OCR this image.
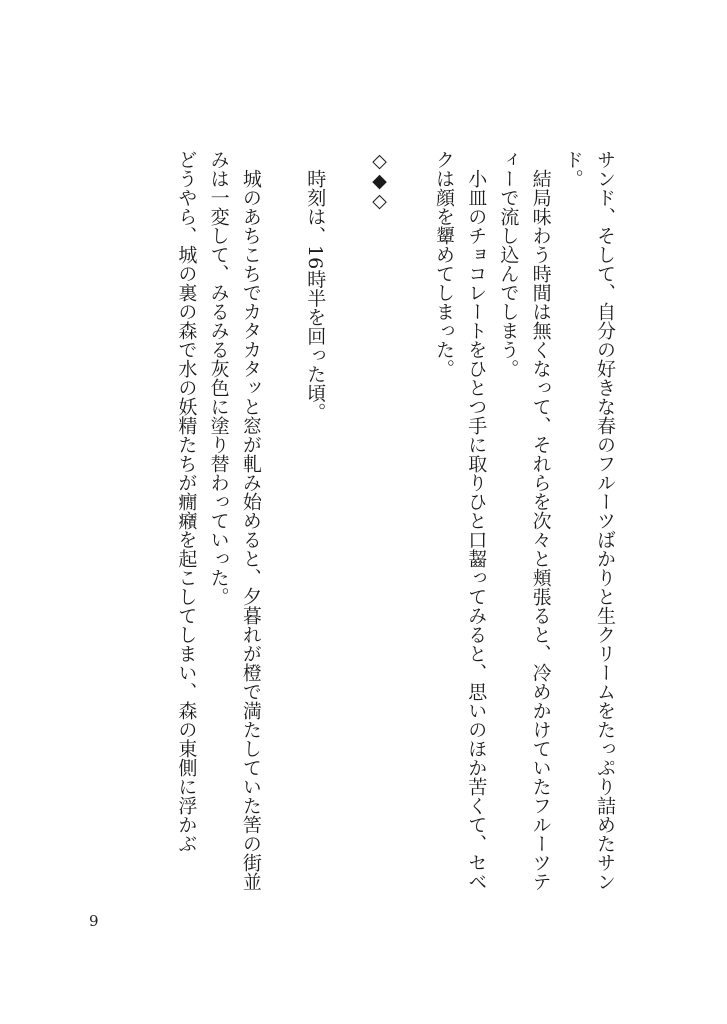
サンド、そして、自分の好きな春のフルーツばかりと生クリームをたっぷり詰めたサンド。

結局味わう時間は無くなって、それらを次々と頬張ると、冷めかけていたフルーツティーで流し込んでしまう。

小皿のチョコレートをひとつ手に取りひと口齧ってみると、思いのほか苦くて、セベクは顔を顰めてしまった。

◇◆◇

時刻は、16時半を回った頃。

城のあちこちでカタカタッと窓が軋み始めると、夕暮れが橙で満たしていた筈の街並みは一変して、みるみる灰色に塗り替わっていった。

どうやら、城の裏の森で水の妖精たちが癇癪を起こしてしまい、森の東側に浮かぶ

9
